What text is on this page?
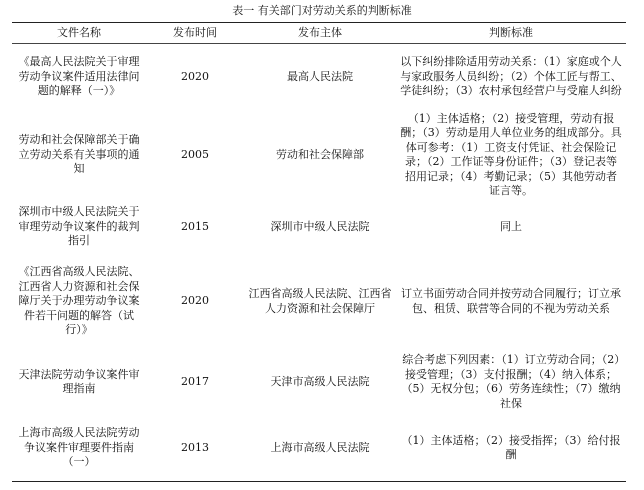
表一 有关部门对劳动关系的判断标准
文件名称	发布时间	发布主体	判断标准
《最高人民法院关于审理劳动争议案件适用法律问题的解释（一）》	2020	最高人民法院	以下纠纷排除适用劳动关系：（1）家庭或个人与家政服务人员纠纷；（2）个体工匠与帮工、学徒纠纷；（3）农村承包经营户与受雇人纠纷
劳动和社会保障部关于确立劳动关系有关事项的通知	2005	劳动和社会保障部	（1）主体适格；（2）接受管理，劳动有报酬；（3）劳动是用人单位业务的组成部分。具体可参考：（1）工资支付凭证、社会保险记录；（2）工作证等身份证件；（3）登记表等招用记录；（4）考勤记录；（5）其他劳动者证言等。
深圳市中级人民法院关于审理劳动争议案件的裁判指引	2015	深圳市中级人民法院	同上
《江西省高级人民法院、江西省人力资源和社会保障厅关于办理劳动争议案件若干问题的解答（试行）》	2020	江西省高级人民法院、江西省人力资源和社会保障厅	订立书面劳动合同并按劳动合同履行；订立承包、租赁、联营等合同的不视为劳动关系
天津法院劳动争议案件审理指南	2017	天津市高级人民法院	综合考虑下列因素：（1）订立劳动合同；（2）接受管理；（3）支付报酬；（4）纳入体系；（5）无权分包；（6）劳务连续性；（7）缴纳社保
上海市高级人民法院劳动争议案件审理要件指南（一）	2013	上海市高级人民法院	（1）主体适格；（2）接受指挥；（3）给付报酬
